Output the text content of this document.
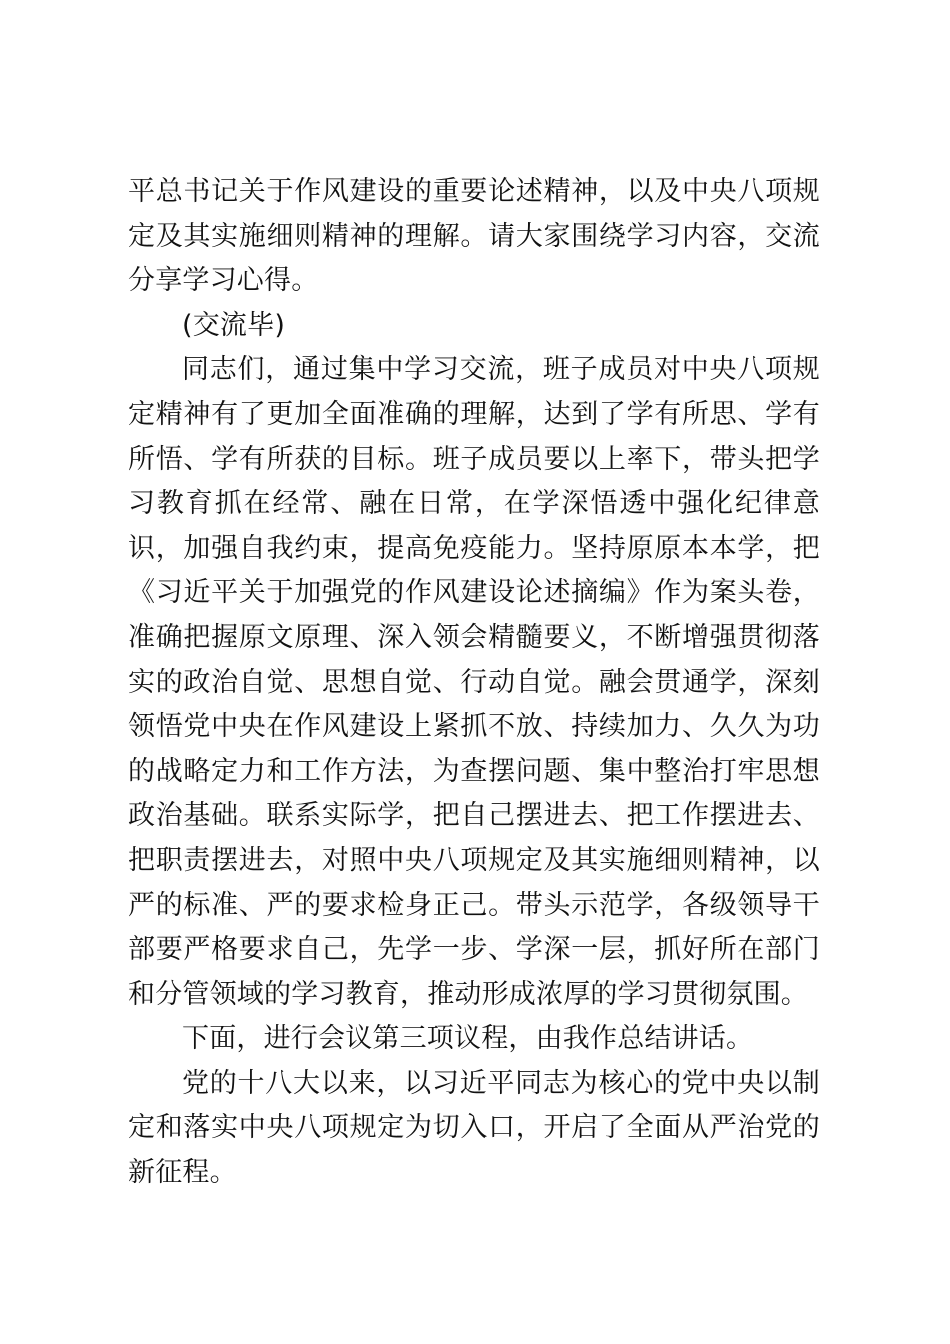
平总书记关于作风建设的重要论述精神，以及中央八项规定及其实施细则精神的理解。请大家围绕学习内容，交流分享学习心得。

(交流毕)

同志们，通过集中学习交流，班子成员对中央八项规定精神有了更加全面准确的理解，达到了学有所思、学有所悟、学有所获的目标。班子成员要以上率下，带头把学习教育抓在经常、融在日常，在学深悟透中强化纪律意识，加强自我约束，提高免疫能力。坚持原原本本学，把《习近平关于加强党的作风建设论述摘编》作为案头卷，准确把握原文原理、深入领会精髓要义，不断增强贯彻落实的政治自觉、思想自觉、行动自觉。融会贯通学，深刻领悟党中央在作风建设上紧抓不放、持续加力、久久为功的战略定力和工作方法，为查摆问题、集中整治打牢思想政治基础。联系实际学，把自己摆进去、把工作摆进去、把职责摆进去，对照中央八项规定及其实施细则精神，以严的标准、严的要求检身正己。带头示范学，各级领导干部要严格要求自己，先学一步、学深一层，抓好所在部门和分管领域的学习教育，推动形成浓厚的学习贯彻氛围。

下面，进行会议第三项议程，由我作总结讲话。

党的十八大以来，以习近平同志为核心的党中央以制定和落实中央八项规定为切入口，开启了全面从严治党的新征程。
